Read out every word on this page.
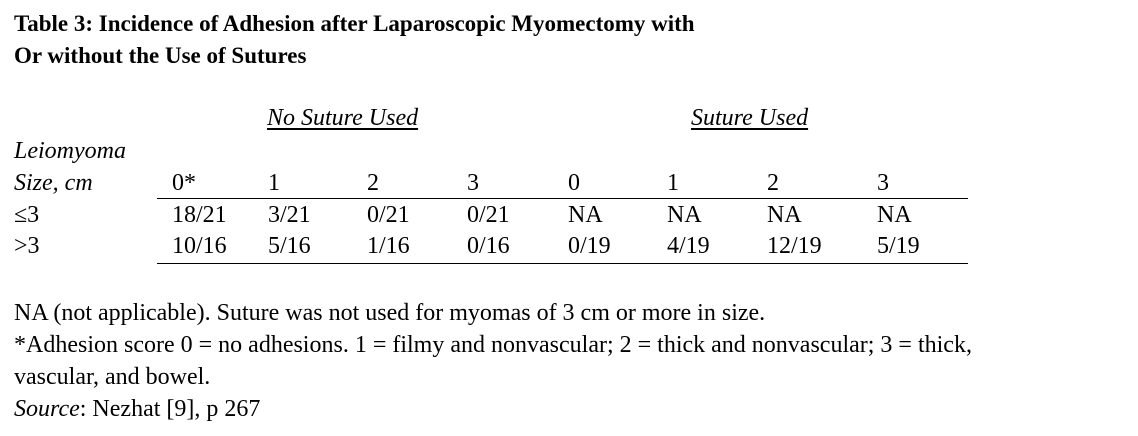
Table 3: Incidence of Adhesion after Laparoscopic Myomectomy with
Or without the Use of Sutures
No Suture Used	Suture Used
Leiomyoma
Size, cm	0*	1	2	3	0	1	2	3
≤3	18/21 3/21 0/21 0/21 NA	NA	NA	NA
>3	10/16 5/16 1/16 0/16 0/19 4/19 12/19 5/19
NA (not applicable). Suture was not used for myomas of 3 cm or more in size.
*Adhesion score 0 = no adhesions. 1 = filmy and nonvascular; 2 = thick and nonvascular; 3 = thick,
vascular, and bowel.
Source: Nezhat [9], p 267
